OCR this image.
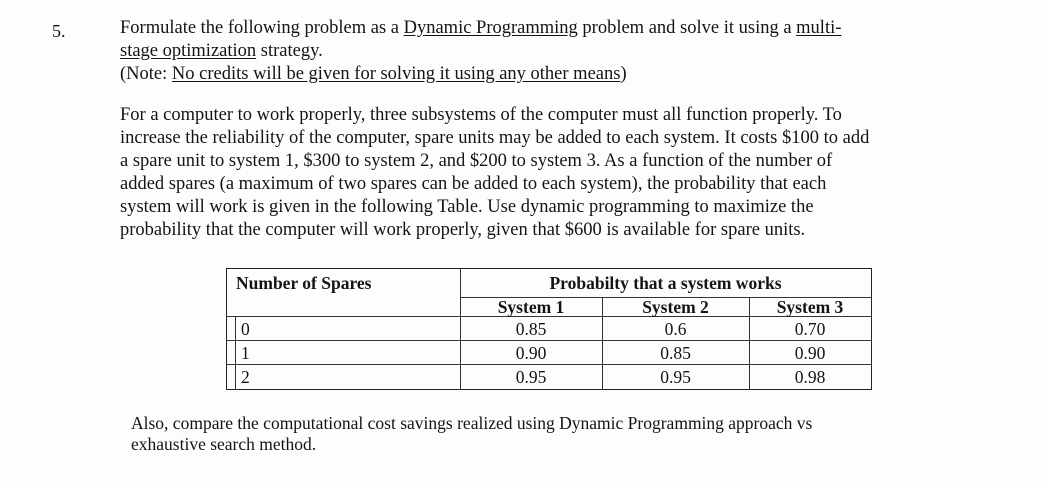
5.	Formulate the following problem as a Dynamic Programming problem and solve it using a multi-
stage optimization strategy.
(Note: No credits will be given for solving it using any other means)
For a computer to work properly, three subsystems of the computer must all function properly. To
increase the reliability of the computer, spare units may be added to each system. It costs $100 to add
a spare unit to system 1, $300 to system 2, and $200 to system 3. As a function of the number of
added spares (a maximum of two spares can be added to each system), the probability that each
system will work is given in the following Table. Use dynamic programming to maximize the
probability that the computer will work properly, given that $600 is available for spare units.
Number of Spares	Probabilty that a system works
System 1	System 2	System 3
0	0.85	0.6	0.70
1	0.90	0.85	0.90
2	0.95	0.95	0.98
Also, compare the computational cost savings realized using Dynamic Programming approach vs
exhaustive search method.
